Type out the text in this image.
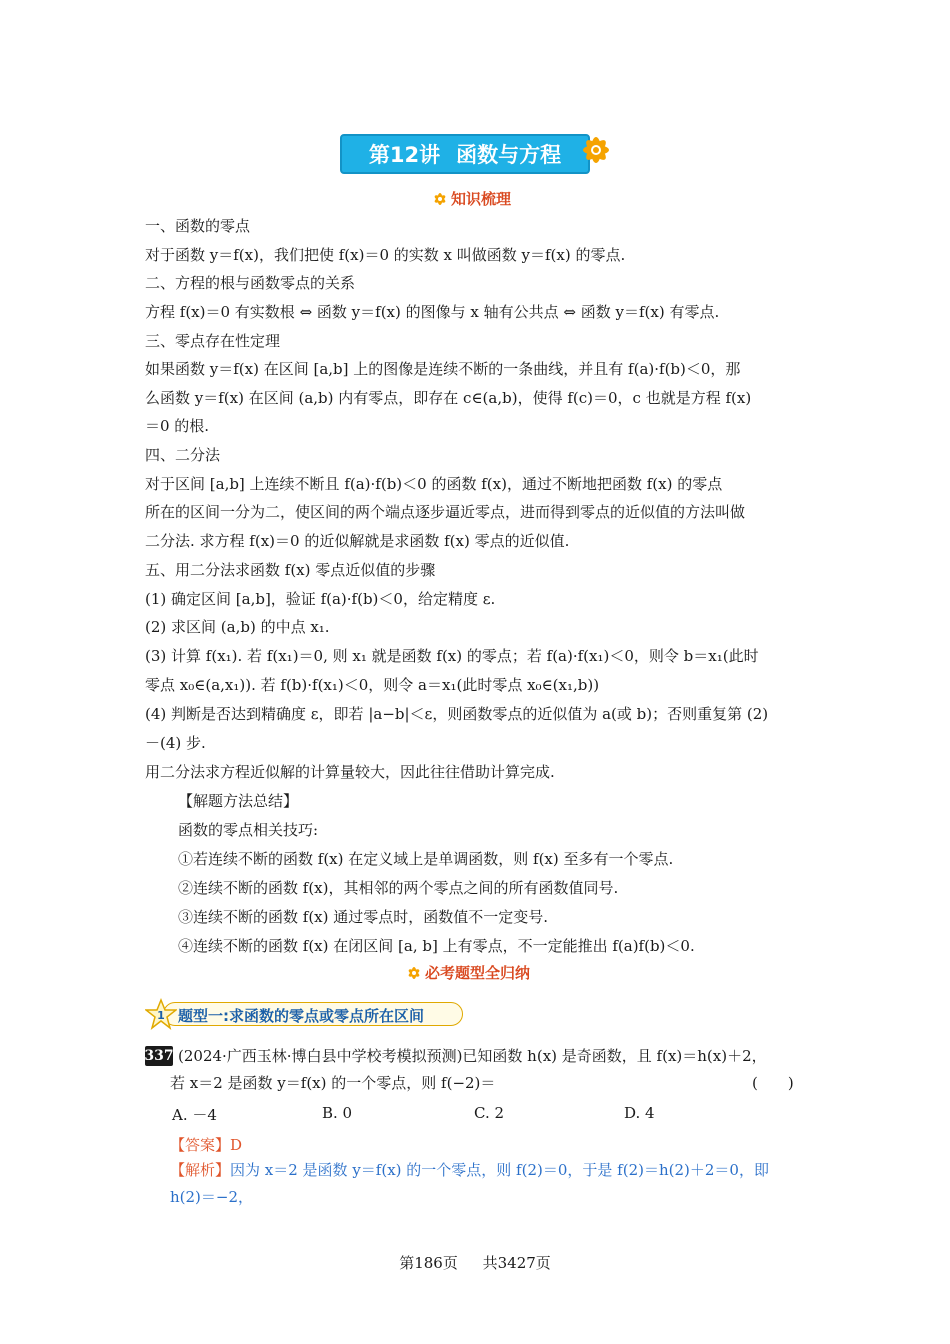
第12讲 函数与方程
知识梳理
一、函数的零点
对于函数 y＝f(x)，我们把使 f(x)＝0 的实数 x 叫做函数 y＝f(x) 的零点.
二、方程的根与函数零点的关系
方程 f(x)＝0 有实数根 ⇔ 函数 y＝f(x) 的图像与 x 轴有公共点 ⇔ 函数 y＝f(x) 有零点.
三、零点存在性定理
如果函数 y＝f(x) 在区间 [a,b] 上的图像是连续不断的一条曲线，并且有 f(a)·f(b)＜0，那
么函数 y＝f(x) 在区间 (a,b) 内有零点，即存在 c∈(a,b)，使得 f(c)＝0，c 也就是方程 f(x)
＝0 的根.
四、二分法
对于区间 [a,b] 上连续不断且 f(a)·f(b)＜0 的函数 f(x)，通过不断地把函数 f(x) 的零点
所在的区间一分为二，使区间的两个端点逐步逼近零点，进而得到零点的近似值的方法叫做
二分法. 求方程 f(x)＝0 的近似解就是求函数 f(x) 零点的近似值.
五、用二分法求函数 f(x) 零点近似值的步骤
(1) 确定区间 [a,b]，验证 f(a)·f(b)＜0，给定精度 ε.
(2) 求区间 (a,b) 的中点 x₁.
(3) 计算 f(x₁). 若 f(x₁)＝0, 则 x₁ 就是函数 f(x) 的零点；若 f(a)·f(x₁)＜0，则令 b＝x₁(此时
零点 x₀∈(a,x₁)). 若 f(b)·f(x₁)＜0，则令 a＝x₁(此时零点 x₀∈(x₁,b))
(4) 判断是否达到精确度 ε，即若 |a−b|＜ε，则函数零点的近似值为 a(或 b)；否则重复第 (2)
－(4) 步.
用二分法求方程近似解的计算量较大，因此往往借助计算完成.
【解题方法总结】
函数的零点相关技巧:
①若连续不断的函数 f(x) 在定义域上是单调函数，则 f(x) 至多有一个零点.
②连续不断的函数 f(x)，其相邻的两个零点之间的所有函数值同号.
③连续不断的函数 f(x) 通过零点时，函数值不一定变号.
④连续不断的函数 f(x) 在闭区间 [a, b] 上有零点，不一定能推出 f(a)f(b)＜0.
必考题型全归纳
1 题型一:求函数的零点或零点所在区间
337 (2024·广西玉林·博白县中学校考模拟预测)已知函数 h(x) 是奇函数，且 f(x)＝h(x)＋2，
若 x＝2 是函数 y＝f(x) 的一个零点，则 f(−2)＝	(　　)
A. －4	B. 0	C. 2	D. 4
【答案】D
【解析】因为 x＝2 是函数 y＝f(x) 的一个零点，则 f(2)＝0，于是 f(2)＝h(2)＋2＝0，即
h(2)＝−2，
第186页 共3427页
